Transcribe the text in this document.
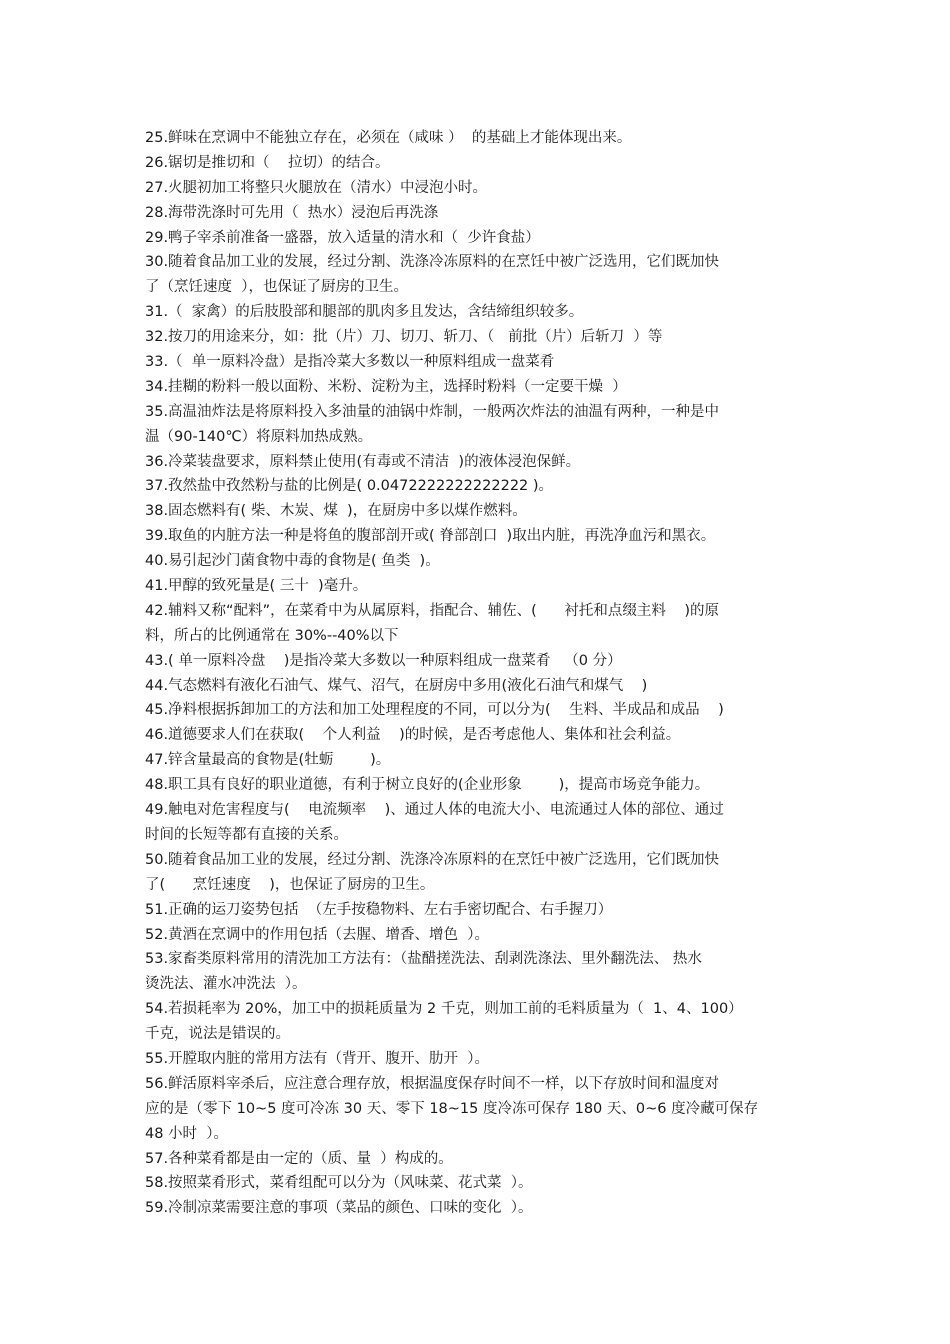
25.鲜味在烹调中不能独立存在，必须在（咸味 ）  的基础上才能体现出来。
26.锯切是推切和（    拉切）的结合。
27.火腿初加工将整只火腿放在（清水）中浸泡小时。
28.海带洗涤时可先用（  热水）浸泡后再洗涤
29.鸭子宰杀前准备一盛器，放入适量的清水和（  少许食盐）
30.随着食品加工业的发展，经过分割、洗涤冷冻原料的在烹饪中被广泛选用，它们既加快
了（烹饪速度  ），也保证了厨房的卫生。
31.（  家禽）的后肢股部和腿部的肌肉多且发达，含结缔组织较多。
32.按刀的用途来分，如：批（片）刀、切刀、斩刀、（   前批（片）后斩刀  ）等
33.（  单一原料冷盘）是指冷菜大多数以一种原料组成一盘菜肴
34.挂糊的粉料一般以面粉、米粉、淀粉为主，选择时粉料（一定要干燥  ）
35.高温油炸法是将原料投入多油量的油锅中炸制，一般两次炸法的油温有两种，一种是中
温（90-140℃）将原料加热成熟。
36.冷菜装盘要求，原料禁止使用(有毒或不清洁  )的液体浸泡保鲜。
37.孜然盐中孜然粉与盐的比例是( 0.0472222222222222 )。
38.固态燃料有( 柴、木炭、煤  )，在厨房中多以煤作燃料。
39.取鱼的内脏方法一种是将鱼的腹部剖开或( 脊部剖口  )取出内脏，再洗净血污和黑衣。
40.易引起沙门菌食物中毒的食物是( 鱼类  )。
41.甲醇的致死量是( 三十  )毫升。
42.辅料又称“配料”，在菜肴中为从属原料，指配合、辅佐、(      衬托和点缀主料    )的原
料，所占的比例通常在 30%--40%以下
43.( 单一原料冷盘    )是指冷菜大多数以一种原料组成一盘菜肴   （0 分）
44.气态燃料有液化石油气、煤气、沼气，在厨房中多用(液化石油气和煤气    )
45.净料根据拆卸加工的方法和加工处理程度的不同，可以分为(    生料、半成品和成品    )
46.道德要求人们在获取(    个人利益    )的时候，是否考虑他人、集体和社会利益。
47.锌含量最高的食物是(牡蛎        )。
48.职工具有良好的职业道德，有利于树立良好的(企业形象        )，提高市场竞争能力。
49.触电对危害程度与(    电流频率    )、通过人体的电流大小、电流通过人体的部位、通过
时间的长短等都有直接的关系。
50.随着食品加工业的发展，经过分割、洗涤冷冻原料的在烹饪中被广泛选用，它们既加快
了(      烹饪速度    )，也保证了厨房的卫生。
51.正确的运刀姿势包括  （左手按稳物料、左右手密切配合、右手握刀）
52.黄酒在烹调中的作用包括（去腥、增香、增色  ）。
53.家畜类原料常用的清洗加工方法有：（盐醋搓洗法、刮剥洗涤法、里外翻洗法、 热水
烫洗法、灌水冲洗法  ）。
54.若损耗率为 20%，加工中的损耗质量为 2 千克，则加工前的毛料质量为（  1、4、100）
千克，说法是错误的。
55.开膛取内脏的常用方法有（背开、腹开、肋开  ）。
56.鲜活原料宰杀后，应注意合理存放，根据温度保存时间不一样，以下存放时间和温度对
应的是（零下 10~5 度可冷冻 30 天、零下 18~15 度冷冻可保存 180 天、0~6 度冷藏可保存
48 小时  ）。
57.各种菜肴都是由一定的（质、量  ）构成的。
58.按照菜肴形式，菜肴组配可以分为（风味菜、花式菜  ）。
59.冷制凉菜需要注意的事项（菜品的颜色、口味的变化  ）。
